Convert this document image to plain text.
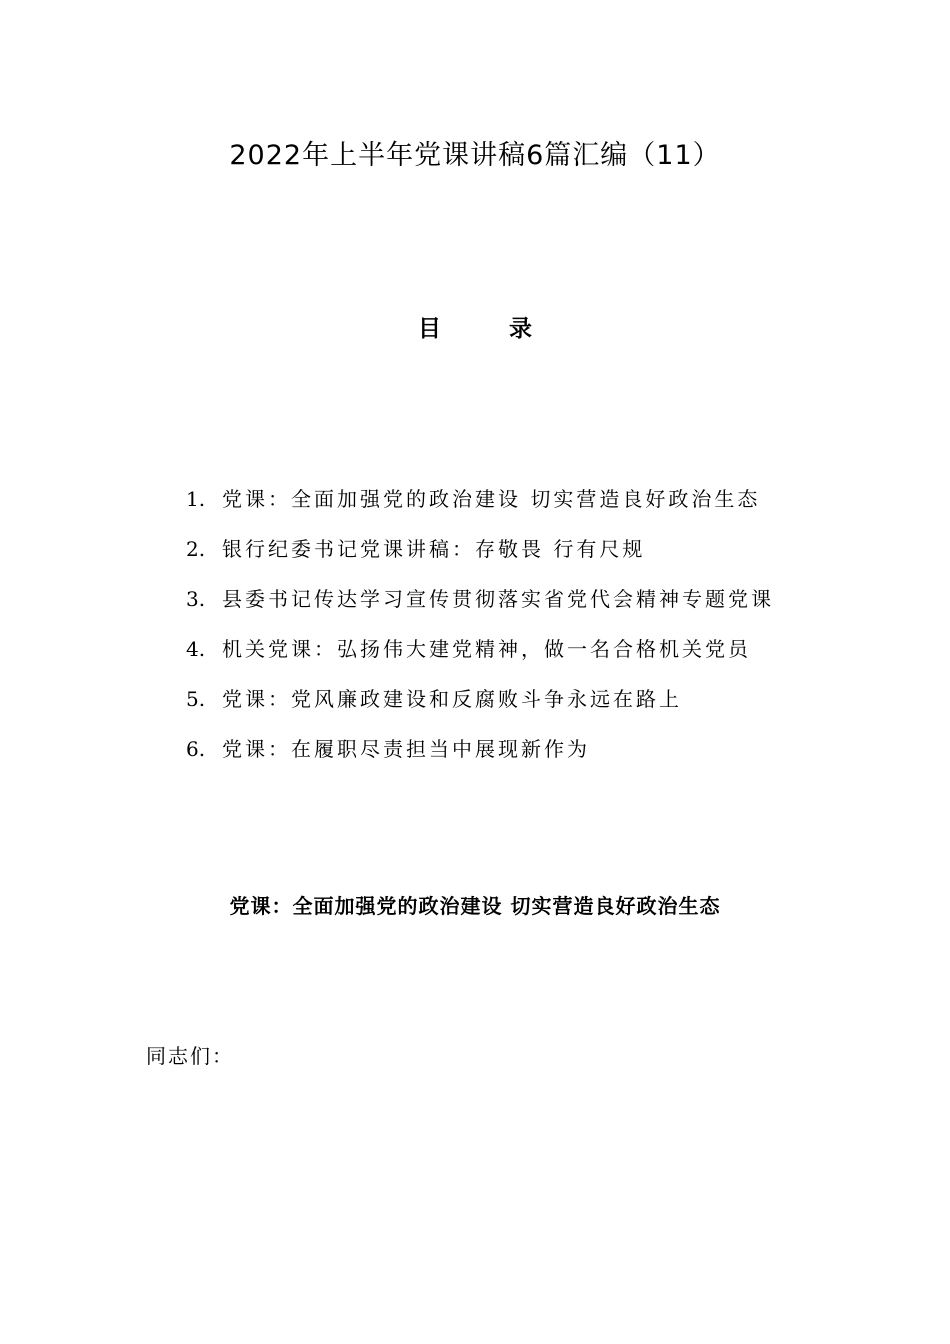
2022年上半年党课讲稿6篇汇编（11）
目 录
1. 党课：全面加强党的政治建设 切实营造良好政治生态
2. 银行纪委书记党课讲稿：存敬畏 行有尺规
3. 县委书记传达学习宣传贯彻落实省党代会精神专题党课
4. 机关党课：弘扬伟大建党精神，做一名合格机关党员
5. 党课：党风廉政建设和反腐败斗争永远在路上
6. 党课：在履职尽责担当中展现新作为
党课：全面加强党的政治建设 切实营造良好政治生态
同志们：
